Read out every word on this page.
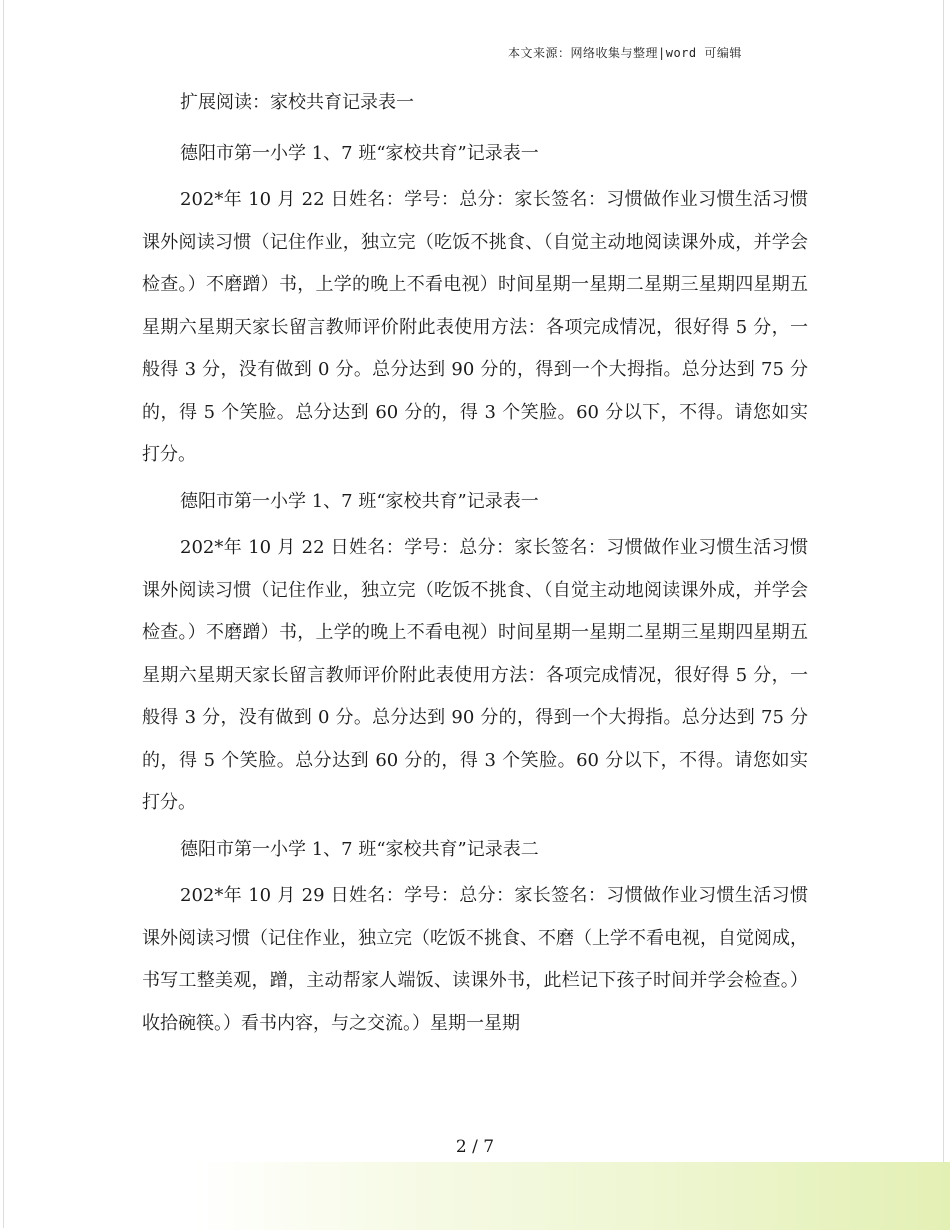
本文来源：网络收集与整理|word 可编辑

扩展阅读：家校共育记录表一

德阳市第一小学 1、7 班“家校共育”记录表一

202*年 10 月 22 日姓名：学号：总分：家长签名：习惯做作业习惯生活习惯课外阅读习惯（记住作业，独立完（吃饭不挑食、（自觉主动地阅读课外成，并学会检查。）不磨蹭）书，上学的晚上不看电视）时间星期一星期二星期三星期四星期五星期六星期天家长留言教师评价附此表使用方法：各项完成情况，很好得 5 分，一般得 3 分，没有做到 0 分。总分达到 90 分的，得到一个大拇指。总分达到 75 分的，得 5 个笑脸。总分达到 60 分的，得 3 个笑脸。60 分以下，不得。请您如实打分。

德阳市第一小学 1、7 班“家校共育”记录表一

202*年 10 月 22 日姓名：学号：总分：家长签名：习惯做作业习惯生活习惯课外阅读习惯（记住作业，独立完（吃饭不挑食、（自觉主动地阅读课外成，并学会检查。）不磨蹭）书，上学的晚上不看电视）时间星期一星期二星期三星期四星期五星期六星期天家长留言教师评价附此表使用方法：各项完成情况，很好得 5 分，一般得 3 分，没有做到 0 分。总分达到 90 分的，得到一个大拇指。总分达到 75 分的，得 5 个笑脸。总分达到 60 分的，得 3 个笑脸。60 分以下，不得。请您如实打分。

德阳市第一小学 1、7 班“家校共育”记录表二

202*年 10 月 29 日姓名：学号：总分：家长签名：习惯做作业习惯生活习惯课外阅读习惯（记住作业，独立完（吃饭不挑食、不磨（上学不看电视，自觉阅成，书写工整美观，蹭，主动帮家人端饭、读课外书，此栏记下孩子时间并学会检查。）收拾碗筷。）看书内容，与之交流。）星期一星期

2 / 7
